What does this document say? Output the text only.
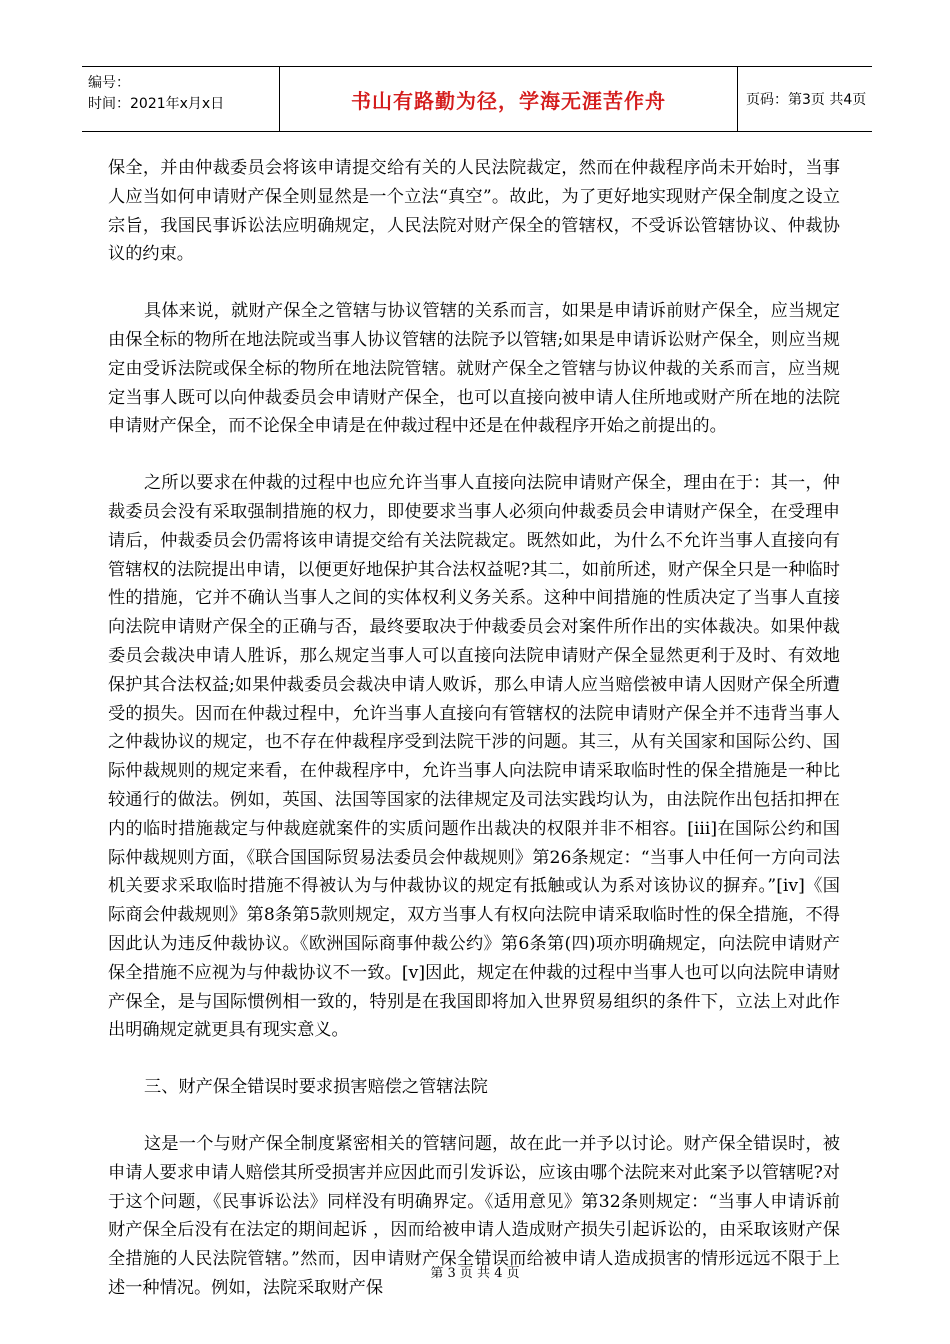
编号：
时间：2021年x月x日	书山有路勤为径，学海无涯苦作舟	页码：第3页 共4页

保全，并由仲裁委员会将该申请提交给有关的人民法院裁定，然而在仲裁程序尚未开始时，当事人应当如何申请财产保全则显然是一个立法“真空”。故此，为了更好地实现财产保全制度之设立宗旨，我国民事诉讼法应明确规定，人民法院对财产保全的管辖权，不受诉讼管辖协议、仲裁协议的约束。

具体来说，就财产保全之管辖与协议管辖的关系而言，如果是申请诉前财产保全，应当规定由保全标的物所在地法院或当事人协议管辖的法院予以管辖;如果是申请诉讼财产保全，则应当规定由受诉法院或保全标的物所在地法院管辖。就财产保全之管辖与协议仲裁的关系而言，应当规定当事人既可以向仲裁委员会申请财产保全，也可以直接向被申请人住所地或财产所在地的法院申请财产保全，而不论保全申请是在仲裁过程中还是在仲裁程序开始之前提出的。

之所以要求在仲裁的过程中也应允许当事人直接向法院申请财产保全，理由在于：其一，仲裁委员会没有采取强制措施的权力，即使要求当事人必须向仲裁委员会申请财产保全，在受理申请后，仲裁委员会仍需将该申请提交给有关法院裁定。既然如此，为什么不允许当事人直接向有管辖权的法院提出申请，以便更好地保护其合法权益呢?其二，如前所述，财产保全只是一种临时性的措施，它并不确认当事人之间的实体权利义务关系。这种中间措施的性质决定了当事人直接向法院申请财产保全的正确与否，最终要取决于仲裁委员会对案件所作出的实体裁决。如果仲裁委员会裁决申请人胜诉，那么规定当事人可以直接向法院申请财产保全显然更利于及时、有效地保护其合法权益;如果仲裁委员会裁决申请人败诉，那么申请人应当赔偿被申请人因财产保全所遭受的损失。因而在仲裁过程中，允许当事人直接向有管辖权的法院申请财产保全并不违背当事人之仲裁协议的规定，也不存在仲裁程序受到法院干涉的问题。其三，从有关国家和国际公约、国际仲裁规则的规定来看，在仲裁程序中，允许当事人向法院申请采取临时性的保全措施是一种比较通行的做法。例如，英国、法国等国家的法律规定及司法实践均认为，由法院作出包括扣押在内的临时措施裁定与仲裁庭就案件的实质问题作出裁决的权限并非不相容。[iii]在国际公约和国际仲裁规则方面，《联合国国际贸易法委员会仲裁规则》第26条规定：“当事人中任何一方向司法机关要求采取临时措施不得被认为与仲裁协议的规定有抵触或认为系对该协议的摒弃。”[iv]《国际商会仲裁规则》第8条第5款则规定，双方当事人有权向法院申请采取临时性的保全措施，不得因此认为违反仲裁协议。《欧洲国际商事仲裁公约》第6条第(四)项亦明确规定，向法院申请财产保全措施不应视为与仲裁协议不一致。[v]因此，规定在仲裁的过程中当事人也可以向法院申请财产保全，是与国际惯例相一致的，特别是在我国即将加入世界贸易组织的条件下，立法上对此作出明确规定就更具有现实意义。

三、财产保全错误时要求损害赔偿之管辖法院

这是一个与财产保全制度紧密相关的管辖问题，故在此一并予以讨论。财产保全错误时，被申请人要求申请人赔偿其所受损害并应因此而引发诉讼，应该由哪个法院来对此案予以管辖呢?对于这个问题，《民事诉讼法》同样没有明确界定。《适用意见》第32条则规定：“当事人申请诉前财产保全后没有在法定的期间起诉 ，因而给被申请人造成财产损失引起诉讼的，由采取该财产保全措施的人民法院管辖。”然而，因申请财产保全错误而给被申请人造成损害的情形远远不限于上述一种情况。例如，法院采取财产保

第 3 页 共 4 页
